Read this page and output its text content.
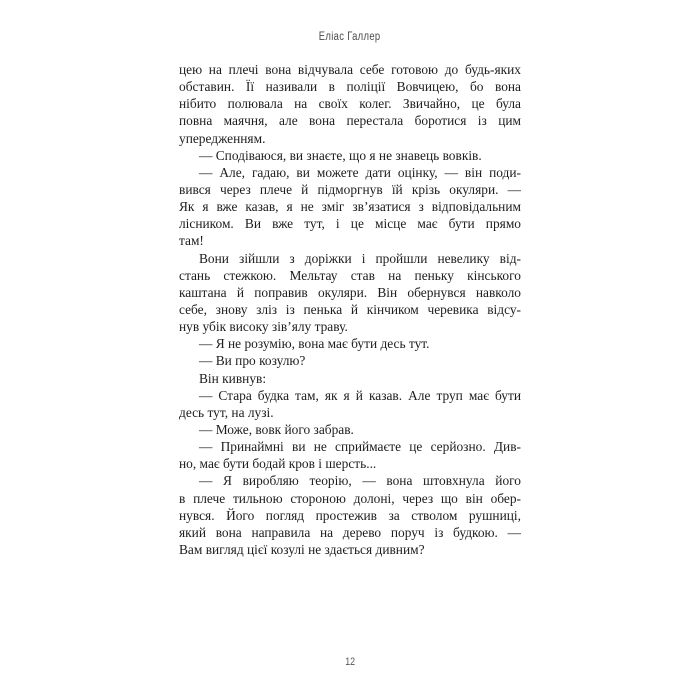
Еліас Галлер
цею на плечі вона відчувала себе готовою до будь-яких
обставин. Її називали в поліції Вовчицею, бо вона
нібито полювала на своїх колег. Звичайно, це була
повна маячня, але вона перестала боротися із цим
упередженням.
— Сподіваюся, ви знаєте, що я не знавець вовків.
— Але, гадаю, ви можете дати оцінку, — він поди-
вився через плече й підморгнув їй крізь окуляри. —
Як я вже казав, я не зміг зв’язатися з відповідальним
лісником. Ви вже тут, і це місце має бути прямо
там!
Вони зійшли з доріжки і пройшли невелику від-
стань стежкою. Мельтау став на пеньку кінського
каштана й поправив окуляри. Він обернувся навколо
себе, знову зліз із пенька й кінчиком черевика відсу-
нув убік високу зів’ялу траву.
— Я не розумію, вона має бути десь тут.
— Ви про козулю?
Він кивнув:
— Стара будка там, як я й казав. Але труп має бути
десь тут, на лузі.
— Може, вовк його забрав.
— Принаймні ви не сприймаєте це серйозно. Див-
но, має бути бодай кров і шерсть...
— Я виробляю теорію, — вона штовхнула його
в плече тильною стороною долоні, через що він обер-
нувся. Його погляд простежив за стволом рушниці,
який вона направила на дерево поруч із будкою. —
Вам вигляд цієї козулі не здається дивним?
12
